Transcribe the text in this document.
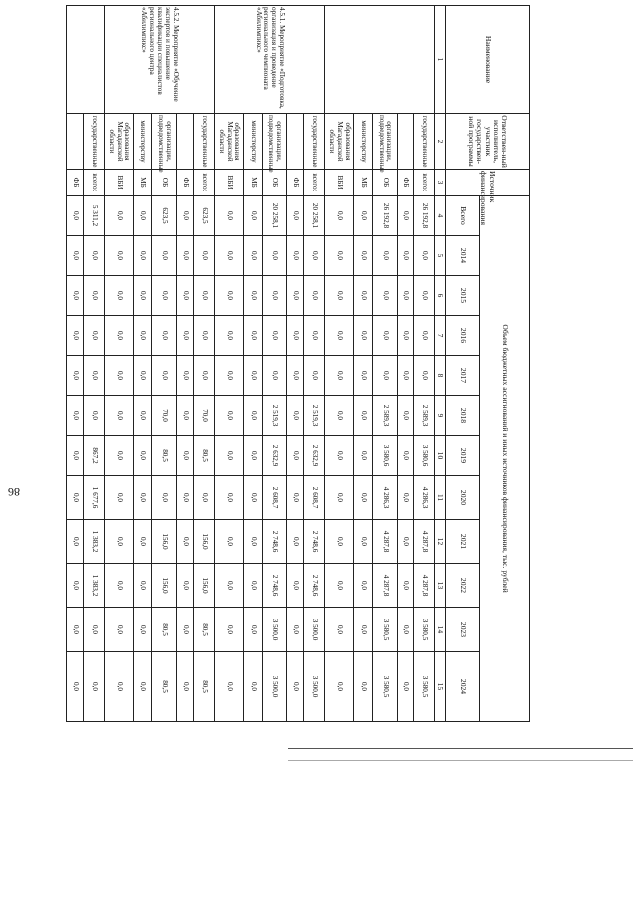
86
Наименование	Ответствен-ный исполнитель, участник государствен-ной программы	Источник финансирования	Объем бюджетных ассигнований и иных источников финансирования, тыс. рублей											
			Всего	2014	2015	2016	2017	2018	2019	2020	2021	2022	2023	2024
1	2	3	4	5	6	7	8	9	10	11	12	13	14	15
	государственные	всего:	26 192,8	0,0	0,0	0,0	0,0	2 589,3	3 580,6	4 286,3	4 287,8	4 287,8	3 580,5	3 580,5
		ФБ	0,0	0,0	0,0	0,0	0,0	0,0	0,0	0,0	0,0	0,0	0,0	0,0
	организации, подведомственные	ОБ	26 192,8	0,0	0,0	0,0	0,0	2 589,3	3 580,6	4 286,3	4 287,8	4 287,8	3 580,5	3 580,5
	министерству	МБ	0,0	0,0	0,0	0,0	0,0	0,0	0,0	0,0	0,0	0,0	0,0	0,0
	образования Магаданской области	ВБИ	0,0	0,0	0,0	0,0	0,0	0,0	0,0	0,0	0,0	0,0	0,0	0,0
4.5.1. Мероприятие «Подготовка, организация и проведение регионального чемпионата «Абилимпикс»	государственные	всего:	20 258,1	0,0	0,0	0,0	0,0	2 519,3	2 632,9	2 608,7	2 748,6	2 748,6	3 500,0	3 500,0
		ФБ	0,0	0,0	0,0	0,0	0,0	0,0	0,0	0,0	0,0	0,0	0,0	0,0
	организации, подведомственные	ОБ	20 258,1	0,0	0,0	0,0	0,0	2 519,3	2 632,9	2 608,7	2 748,6	2 748,6	3 500,0	3 500,0
	министерству	МБ	0,0	0,0	0,0	0,0	0,0	0,0	0,0	0,0	0,0	0,0	0,0	0,0
	образования Магаданской области	ВБИ	0,0	0,0	0,0	0,0	0,0	0,0	0,0	0,0	0,0	0,0	0,0	0,0
4.5.2. Мероприятие «Обучение экспертов и повышение квалификации специалистов регионального центра «Абилимпикс»	государственные	всего:	623,5	0,0	0,0	0,0	0,0	70,0	80,5	0,0	156,0	156,0	80,5	80,5
		ФБ	0,0	0,0	0,0	0,0	0,0	0,0	0,0	0,0	0,0	0,0	0,0	0,0
	организации, подведомственные	ОБ	623,5	0,0	0,0	0,0	0,0	70,0	80,5	0,0	156,0	156,0	80,5	80,5
	министерству	МБ	0,0	0,0	0,0	0,0	0,0	0,0	0,0	0,0	0,0	0,0	0,0	0,0
	образования Магаданской области	ВБИ	0,0	0,0	0,0	0,0	0,0	0,0	0,0	0,0	0,0	0,0	0,0	0,0
	государственные	всего:	5 311,2	0,0	0,0	0,0	0,0	0,0	867,2	1 677,6	1 383,2	1 383,2	0,0	0,0
		ФБ	0,0	0,0	0,0	0,0	0,0	0,0	0,0	0,0	0,0	0,0	0,0	0,0
